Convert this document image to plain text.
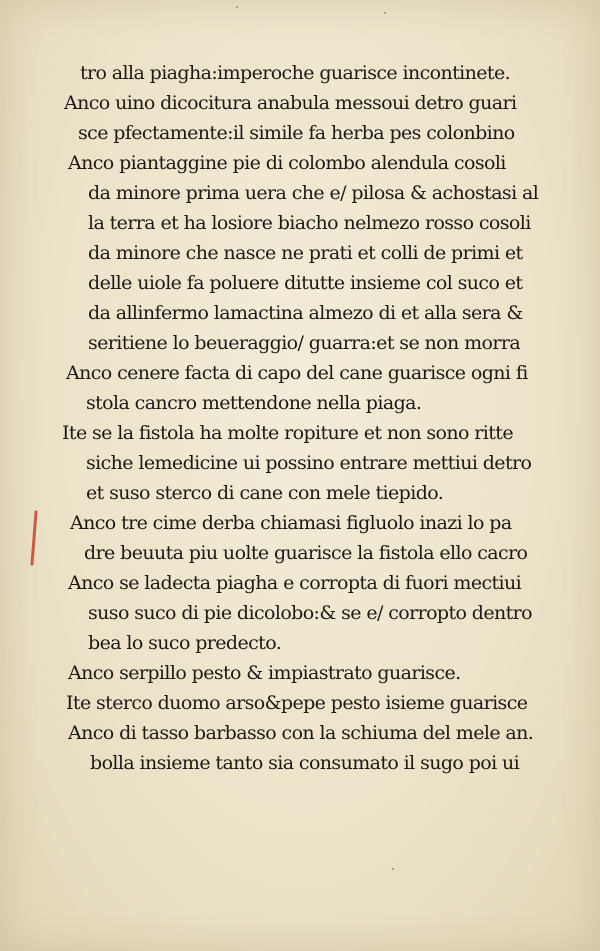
tro alla piagha:imperoche guarisce incontinete.
Anco uino dicocitura anabula messoui detro guari
sce pfectamente:il simile fa herba pes colonbino
Anco piantaggine pie di colombo alendula cosoli
da minore prima uera che e/ pilosa & achostasi al
la terra et ha losiore biacho nelmezo rosso cosoli
da minore che nasce ne prati et colli de primi et
delle uiole fa poluere ditutte insieme col suco et
da allinfermo lamactina almezo di et alla sera &
seritiene lo beueraggio/ guarra:et se non morra
Anco cenere facta di capo del cane guarisce ogni fi
stola cancro mettendone nella piaga.
Ite se la fistola ha molte ropiture et non sono ritte
siche lemedicine ui possino entrare mettiui detro
et suso sterco di cane con mele tiepido.
Anco tre cime derba chiamasi figluolo inazi lo pa
dre beuuta piu uolte guarisce la fistola ello cacro
Anco se ladecta piagha e corropta di fuori mectiui
suso suco di pie dicolobo:& se e/ corropto dentro
bea lo suco predecto.
Anco serpillo pesto & impiastrato guarisce.
Ite sterco duomo arso&pepe pesto isieme guarisce
Anco di tasso barbasso con la schiuma del mele an.
bolla insieme tanto sia consumato il sugo poi ui
